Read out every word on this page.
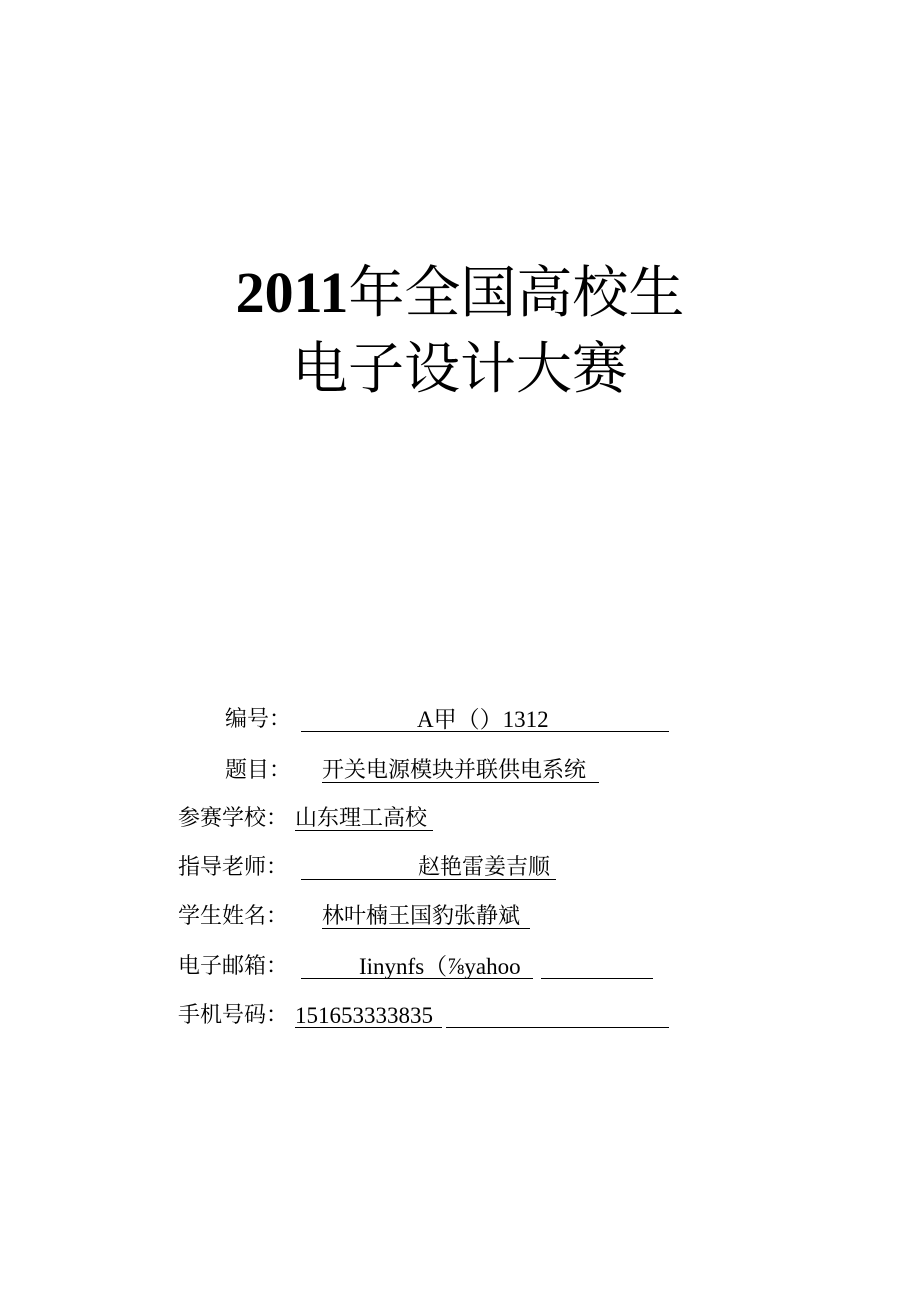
2011年全国高校生
电子设计大赛
编号：	A甲（）1312
题目： 开关电源模块并联供电系统
参赛学校： 山东理工高校
指导老师：	赵艳雷姜吉顺
学生姓名： 林叶楠王国豹张静斌
电子邮箱：	Iinynfs（⅞yahoo
手机号码： 151653333835
